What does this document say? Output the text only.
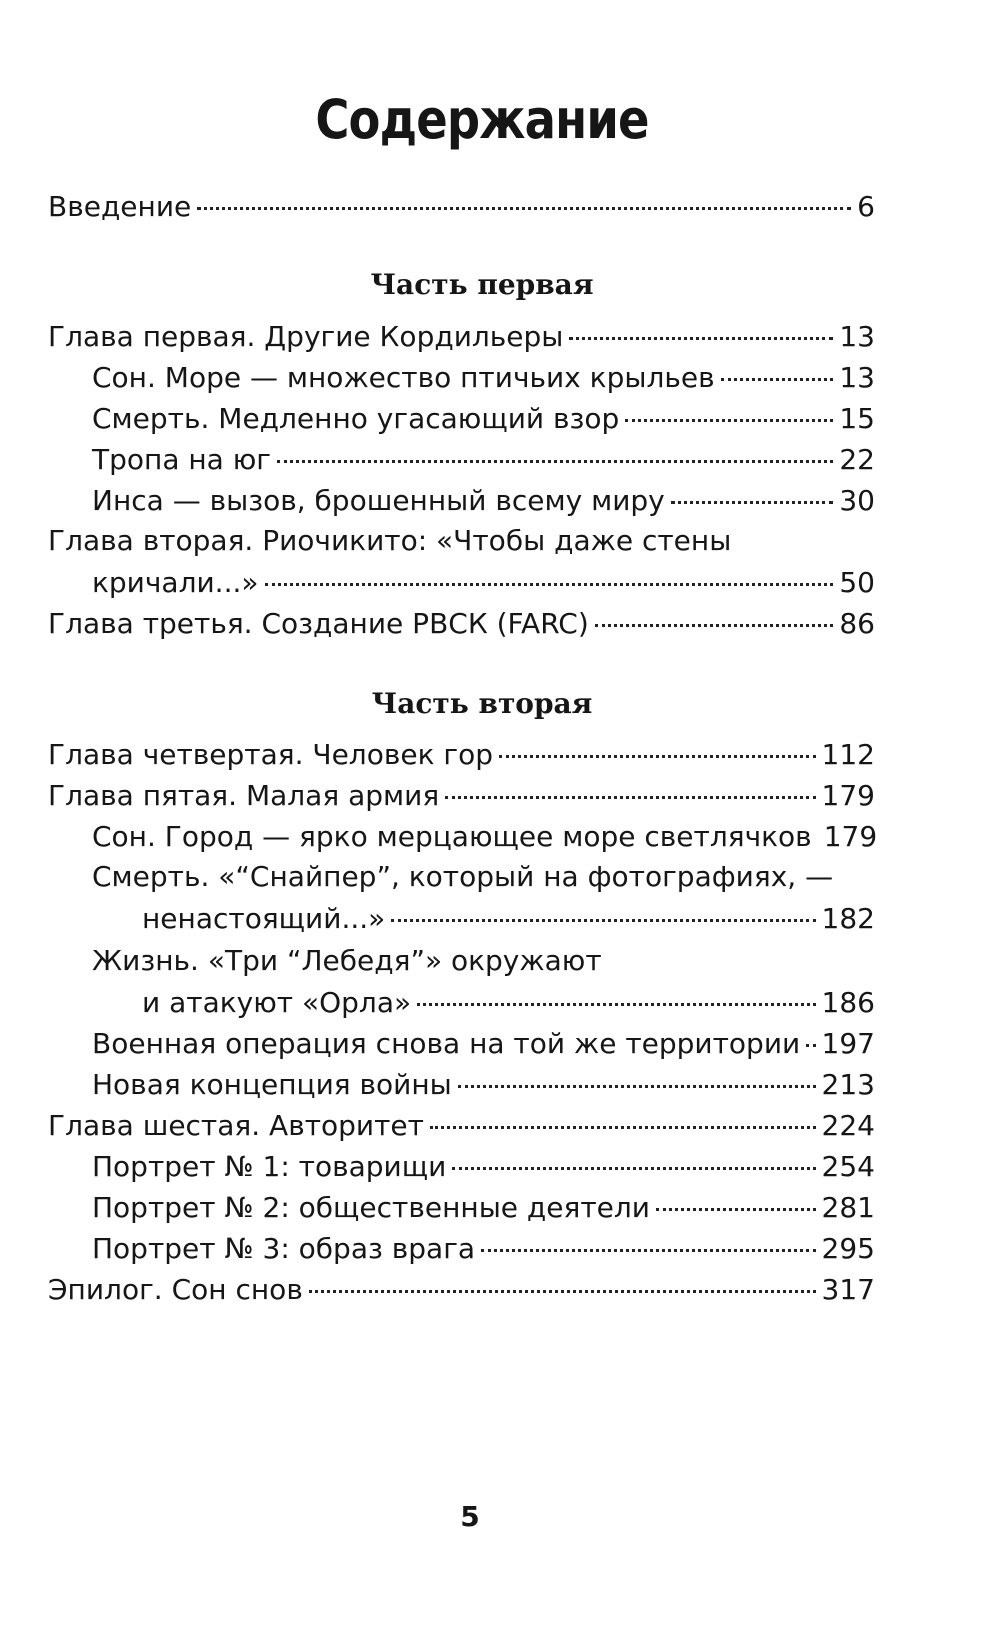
Содержание
Введение	6
Часть первая
Глава первая. Другие Кордильеры	13
Сон. Море — множество птичьих крыльев	13
Смерть. Медленно угасающий взор	15
Тропа на юг	22
Инса — вызов, брошенный всему миру	30
Глава вторая. Риочикито: «Чтобы даже стены
кричали...»	50
Глава третья. Создание РВСК (FARC)	86
Часть вторая
Глава четвертая. Человек гор	112
Глава пятая. Малая армия	179
Сон. Город — ярко мерцающее море светлячков 179
Смерть. «“Снайпер”, который на фотографиях, —
ненастоящий...»	182
Жизнь. «Три “Лебедя”» окружают
и атакуют «Орла»	186
Военная операция снова на той же территории 197
Новая концепция войны	213
Глава шестая. Авторитет	224
Портрет № 1: товарищи	254
Портрет № 2: общественные деятели	281
Портрет № 3: образ врага	295
Эпилог. Сон снов	317
5
